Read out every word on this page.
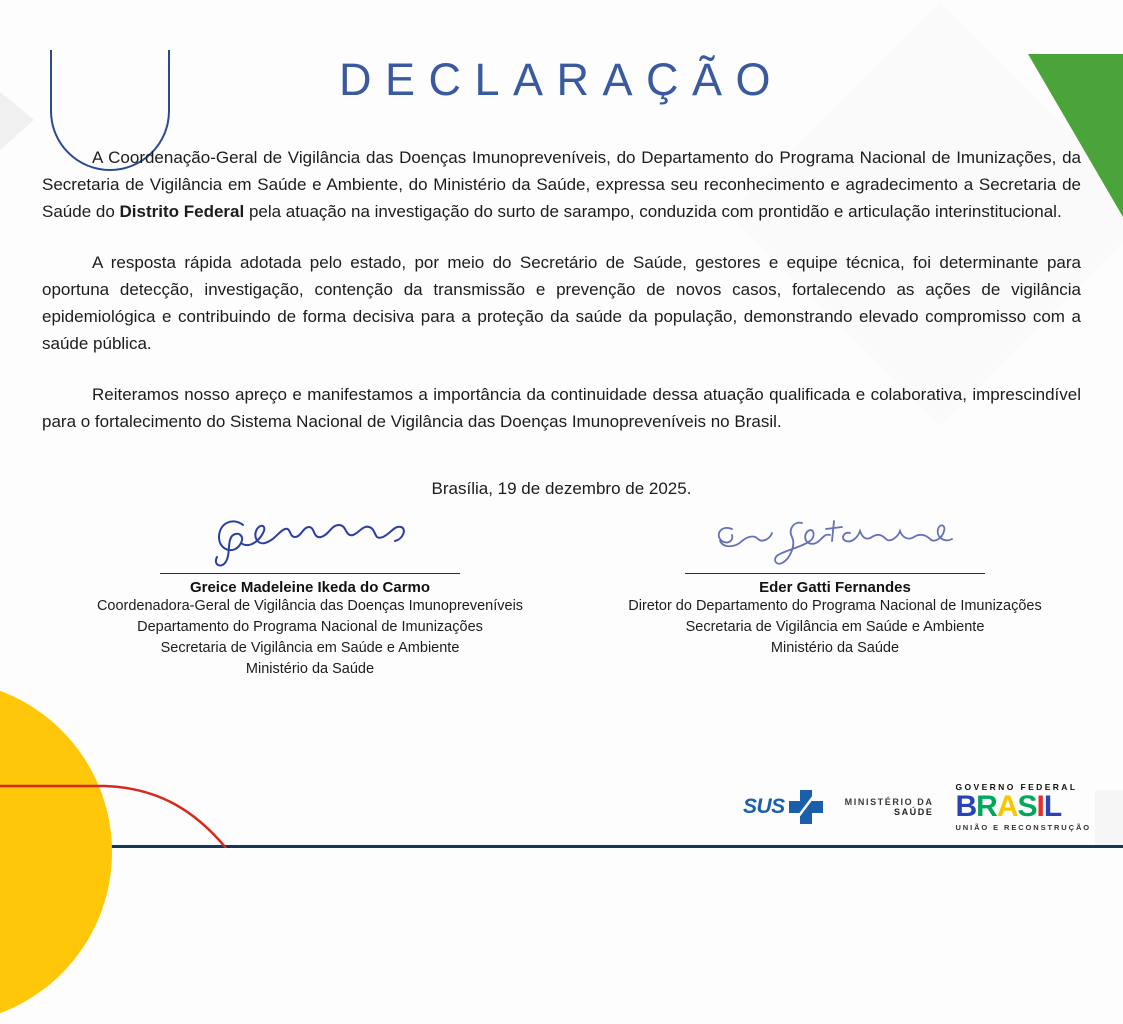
DECLARAÇÃO

A Coordenação-Geral de Vigilância das Doenças Imunopreveníveis, do Departamento do Programa Nacional de Imunizações, da Secretaria de Vigilância em Saúde e Ambiente, do Ministério da Saúde, expressa seu reconhecimento e agradecimento a Secretaria de Saúde do Distrito Federal pela atuação na investigação do surto de sarampo, conduzida com prontidão e articulação interinstitucional.

A resposta rápida adotada pelo estado, por meio do Secretário de Saúde, gestores e equipe técnica, foi determinante para oportuna detecção, investigação, contenção da transmissão e prevenção de novos casos, fortalecendo as ações de vigilância epidemiológica e contribuindo de forma decisiva para a proteção da saúde da população, demonstrando elevado compromisso com a saúde pública.

Reiteramos nosso apreço e manifestamos a importância da continuidade dessa atuação qualificada e colaborativa, imprescindível para o fortalecimento do Sistema Nacional de Vigilância das Doenças Imunopreveníveis no Brasil.

Brasília, 19 de dezembro de 2025.
Greice Madeleine Ikeda do Carmo
Coordenadora-Geral de Vigilância das Doenças Imunopreveníveis
Departamento do Programa Nacional de Imunizações
Secretaria de Vigilância em Saúde e Ambiente
Ministério da Saúde
Eder Gatti Fernandes
Diretor do Departamento do Programa Nacional de Imunizações
Secretaria de Vigilância em Saúde e Ambiente
Ministério da Saúde
SUS	MINISTÉRIO DA
SAÚDE
GOVERNO FEDERAL
BRASIL
UNIÃO E RECONSTRUÇÃO
